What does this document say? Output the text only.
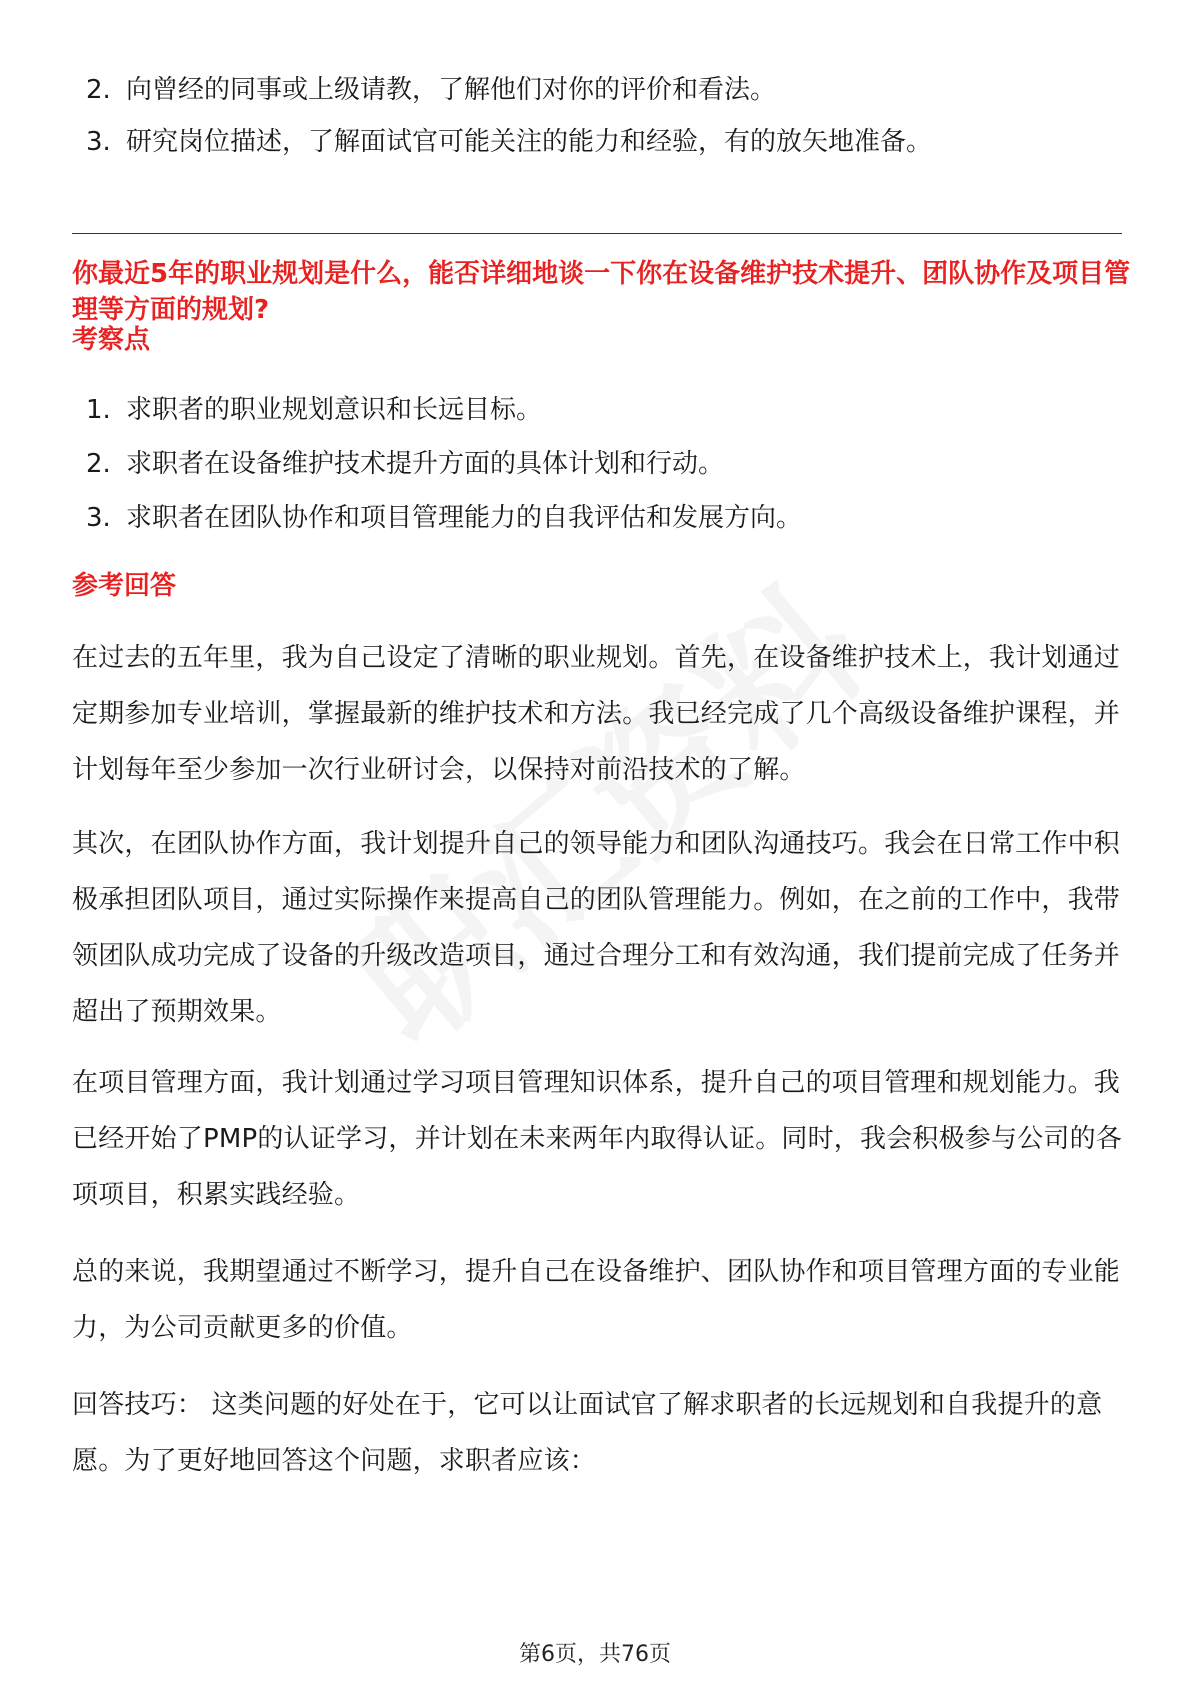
2. 向曾经的同事或上级请教，了解他们对你的评价和看法。
3. 研究岗位描述，了解面试官可能关注的能力和经验，有的放矢地准备。
你最近5年的职业规划是什么，能否详细地谈一下你在设备维护技术提升、团队协作及项目管理等方面的规划?
考察点
1. 求职者的职业规划意识和长远目标。
2. 求职者在设备维护技术提升方面的具体计划和行动。
3. 求职者在团队协作和项目管理能力的自我评估和发展方向。
参考回答
在过去的五年里，我为自己设定了清晰的职业规划。首先，在设备维护技术上，我计划通过定期参加专业培训，掌握最新的维护技术和方法。我已经完成了几个高级设备维护课程，并计划每年至少参加一次行业研讨会，以保持对前沿技术的了解。
其次，在团队协作方面，我计划提升自己的领导能力和团队沟通技巧。我会在日常工作中积极承担团队项目，通过实际操作来提高自己的团队管理能力。例如，在之前的工作中，我带领团队成功完成了设备的升级改造项目，通过合理分工和有效沟通，我们提前完成了任务并超出了预期效果。
在项目管理方面，我计划通过学习项目管理知识体系，提升自己的项目管理和规划能力。我已经开始了PMP的认证学习，并计划在未来两年内取得认证。同时，我会积极参与公司的各项项目，积累实践经验。
总的来说，我期望通过不断学习，提升自己在设备维护、团队协作和项目管理方面的专业能力，为公司贡献更多的价值。
回答技巧： 这类问题的好处在于，它可以让面试官了解求职者的长远规划和自我提升的意愿。为了更好地回答这个问题，求职者应该：
第6页，共76页
